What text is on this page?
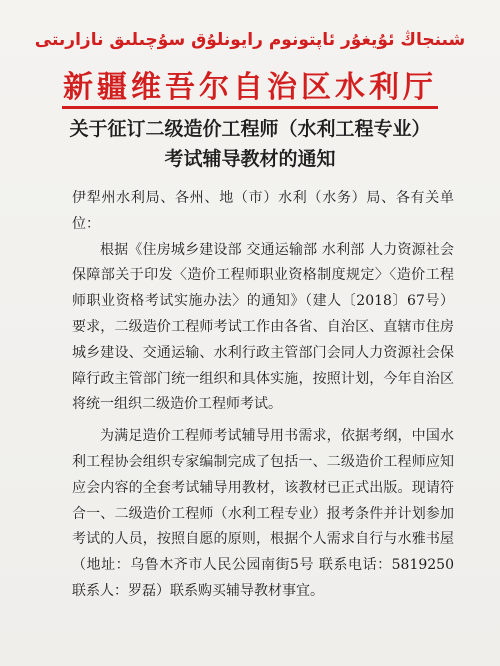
شىنجاڭ ئۇيغۇر ئاپتونوم رايونلۇق سۇچىلىق نازارىتى
新疆维吾尔自治区水利厅
关于征订二级造价工程师（水利工程专业）
考试辅导教材的通知

伊犁州水利局、各州、地（市）水利（水务）局、各有关单位：

根据《住房城乡建设部 交通运输部 水利部 人力资源社会保障部关于印发〈造价工程师职业资格制度规定〉〈造价工程师职业资格考试实施办法〉的通知》（建人〔2018〕67号）要求，二级造价工程师考试工作由各省、自治区、直辖市住房城乡建设、交通运输、水利行政主管部门会同人力资源社会保障行政主管部门统一组织和具体实施，按照计划，今年自治区将统一组织二级造价工程师考试。

为满足造价工程师考试辅导用书需求，依据考纲，中国水利工程协会组织专家编制完成了包括一、二级造价工程师应知应会内容的全套考试辅导用教材，该教材已正式出版。现请符合一、二级造价工程师（水利工程专业）报考条件并计划参加考试的人员，按照自愿的原则，根据个人需求自行与水雅书屋（地址：乌鲁木齐市人民公园南街5号 联系电话：5819250 联系人：罗磊）联系购买辅导教材事宜。
